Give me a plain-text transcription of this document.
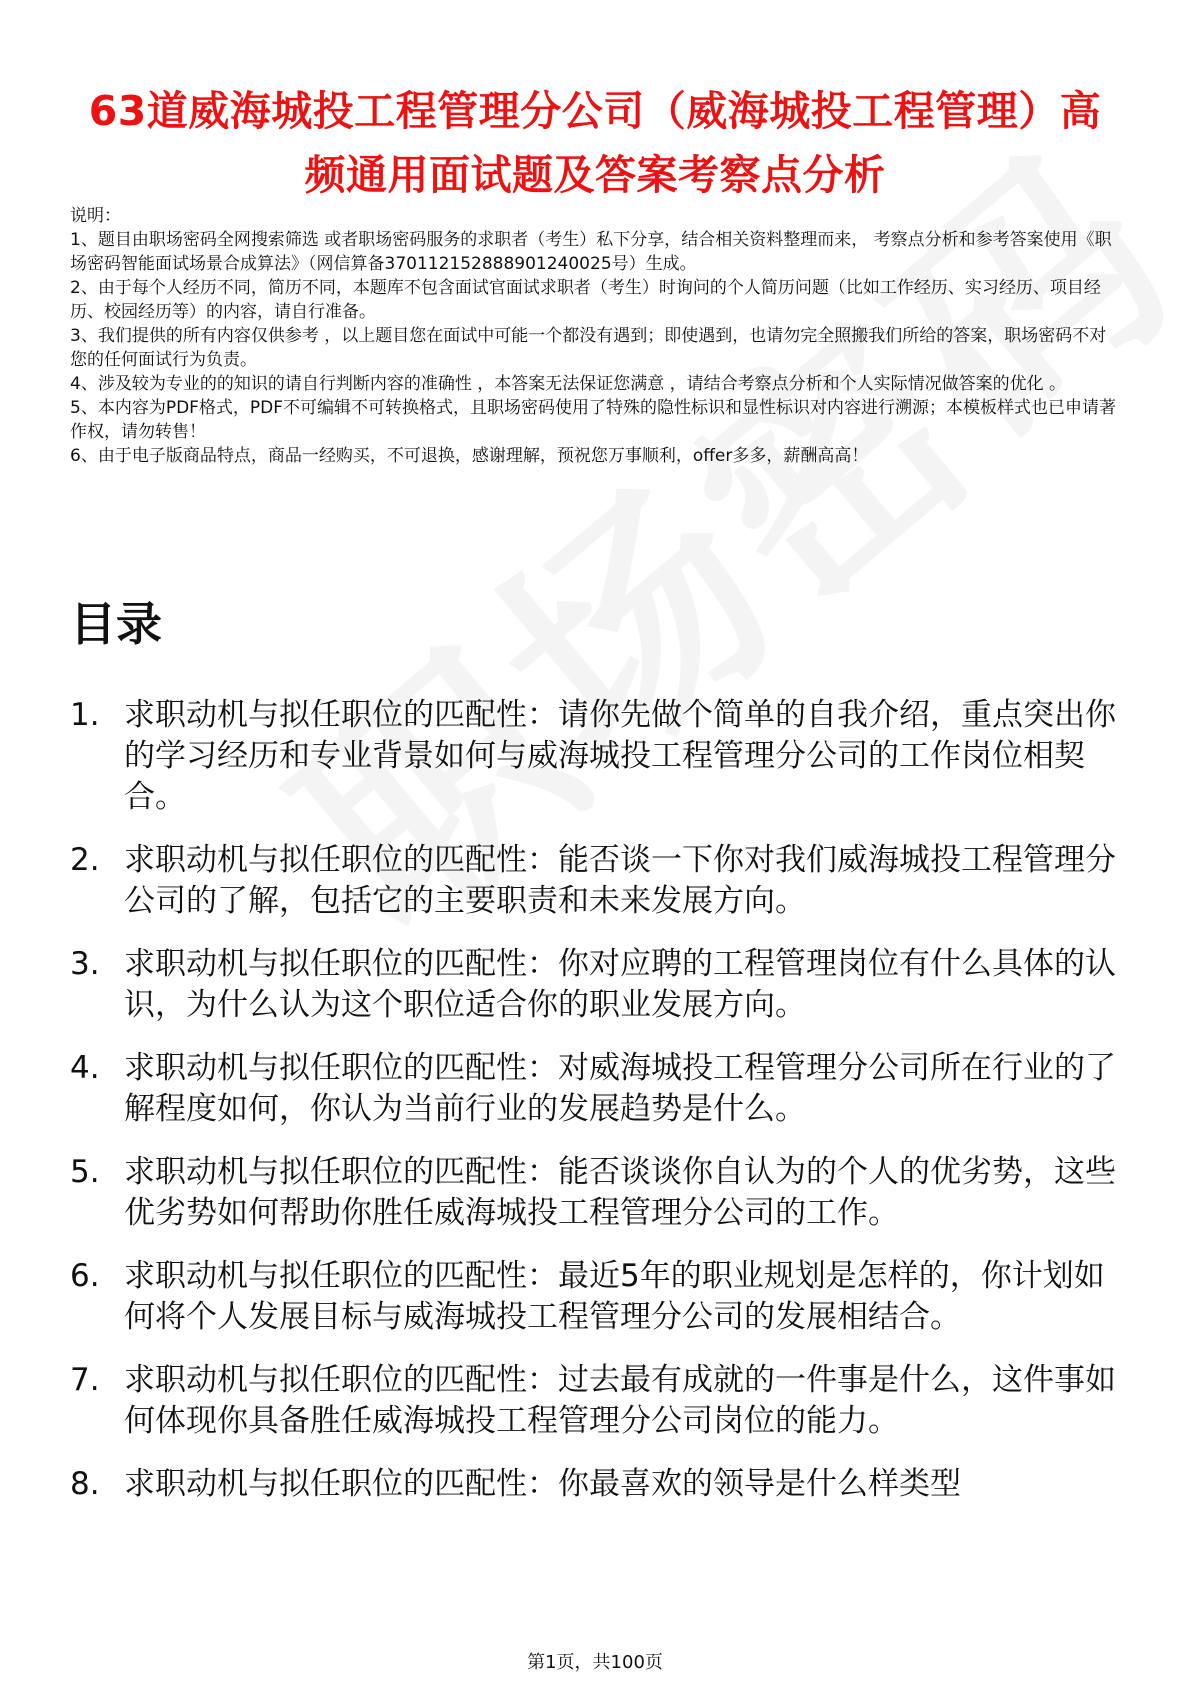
63道威海城投工程管理分公司（威海城投工程管理）高频通用面试题及答案考察点分析

说明：

1、题目由职场密码全网搜索筛选 或者职场密码服务的求职者（考生）私下分享，结合相关资料整理而来， 考察点分析和参考答案使用《职场密码智能面试场景合成算法》（网信算备370112152888901240025号）生成。

2、由于每个人经历不同，简历不同，本题库不包含面试官面试求职者（考生）时询问的个人简历问题（比如工作经历、实习经历、项目经历、校园经历等）的内容，请自行准备。

3、我们提供的所有内容仅供参考 ，以上题目您在面试中可能一个都没有遇到；即使遇到，也请勿完全照搬我们所给的答案，职场密码不对您的任何面试行为负责。

4、涉及较为专业的的知识的请自行判断内容的准确性 ，本答案无法保证您满意 ，请结合考察点分析和个人实际情况做答案的优化 。

5、本内容为PDF格式，PDF不可编辑不可转换格式，且职场密码使用了特殊的隐性标识和显性标识对内容进行溯源；本模板样式也已申请著作权，请勿转售！

6、由于电子版商品特点，商品一经购买，不可退换，感谢理解，预祝您万事顺利，offer多多，薪酬高高！

目录
1. 求职动机与拟任职位的匹配性：请你先做个简单的自我介绍，重点突出你的学习经历和专业背景如何与威海城投工程管理分公司的工作岗位相契合。
2. 求职动机与拟任职位的匹配性：能否谈一下你对我们威海城投工程管理分公司的了解，包括它的主要职责和未来发展方向。
3. 求职动机与拟任职位的匹配性：你对应聘的工程管理岗位有什么具体的认识，为什么认为这个职位适合你的职业发展方向。
4. 求职动机与拟任职位的匹配性：对威海城投工程管理分公司所在行业的了解程度如何，你认为当前行业的发展趋势是什么。
5. 求职动机与拟任职位的匹配性：能否谈谈你自认为的个人的优劣势，这些优劣势如何帮助你胜任威海城投工程管理分公司的工作。
6. 求职动机与拟任职位的匹配性：最近5年的职业规划是怎样的，你计划如何将个人发展目标与威海城投工程管理分公司的发展相结合。
7. 求职动机与拟任职位的匹配性：过去最有成就的一件事是什么，这件事如何体现你具备胜任威海城投工程管理分公司岗位的能力。
8. 求职动机与拟任职位的匹配性：你最喜欢的领导是什么样类型
第1页，共100页
